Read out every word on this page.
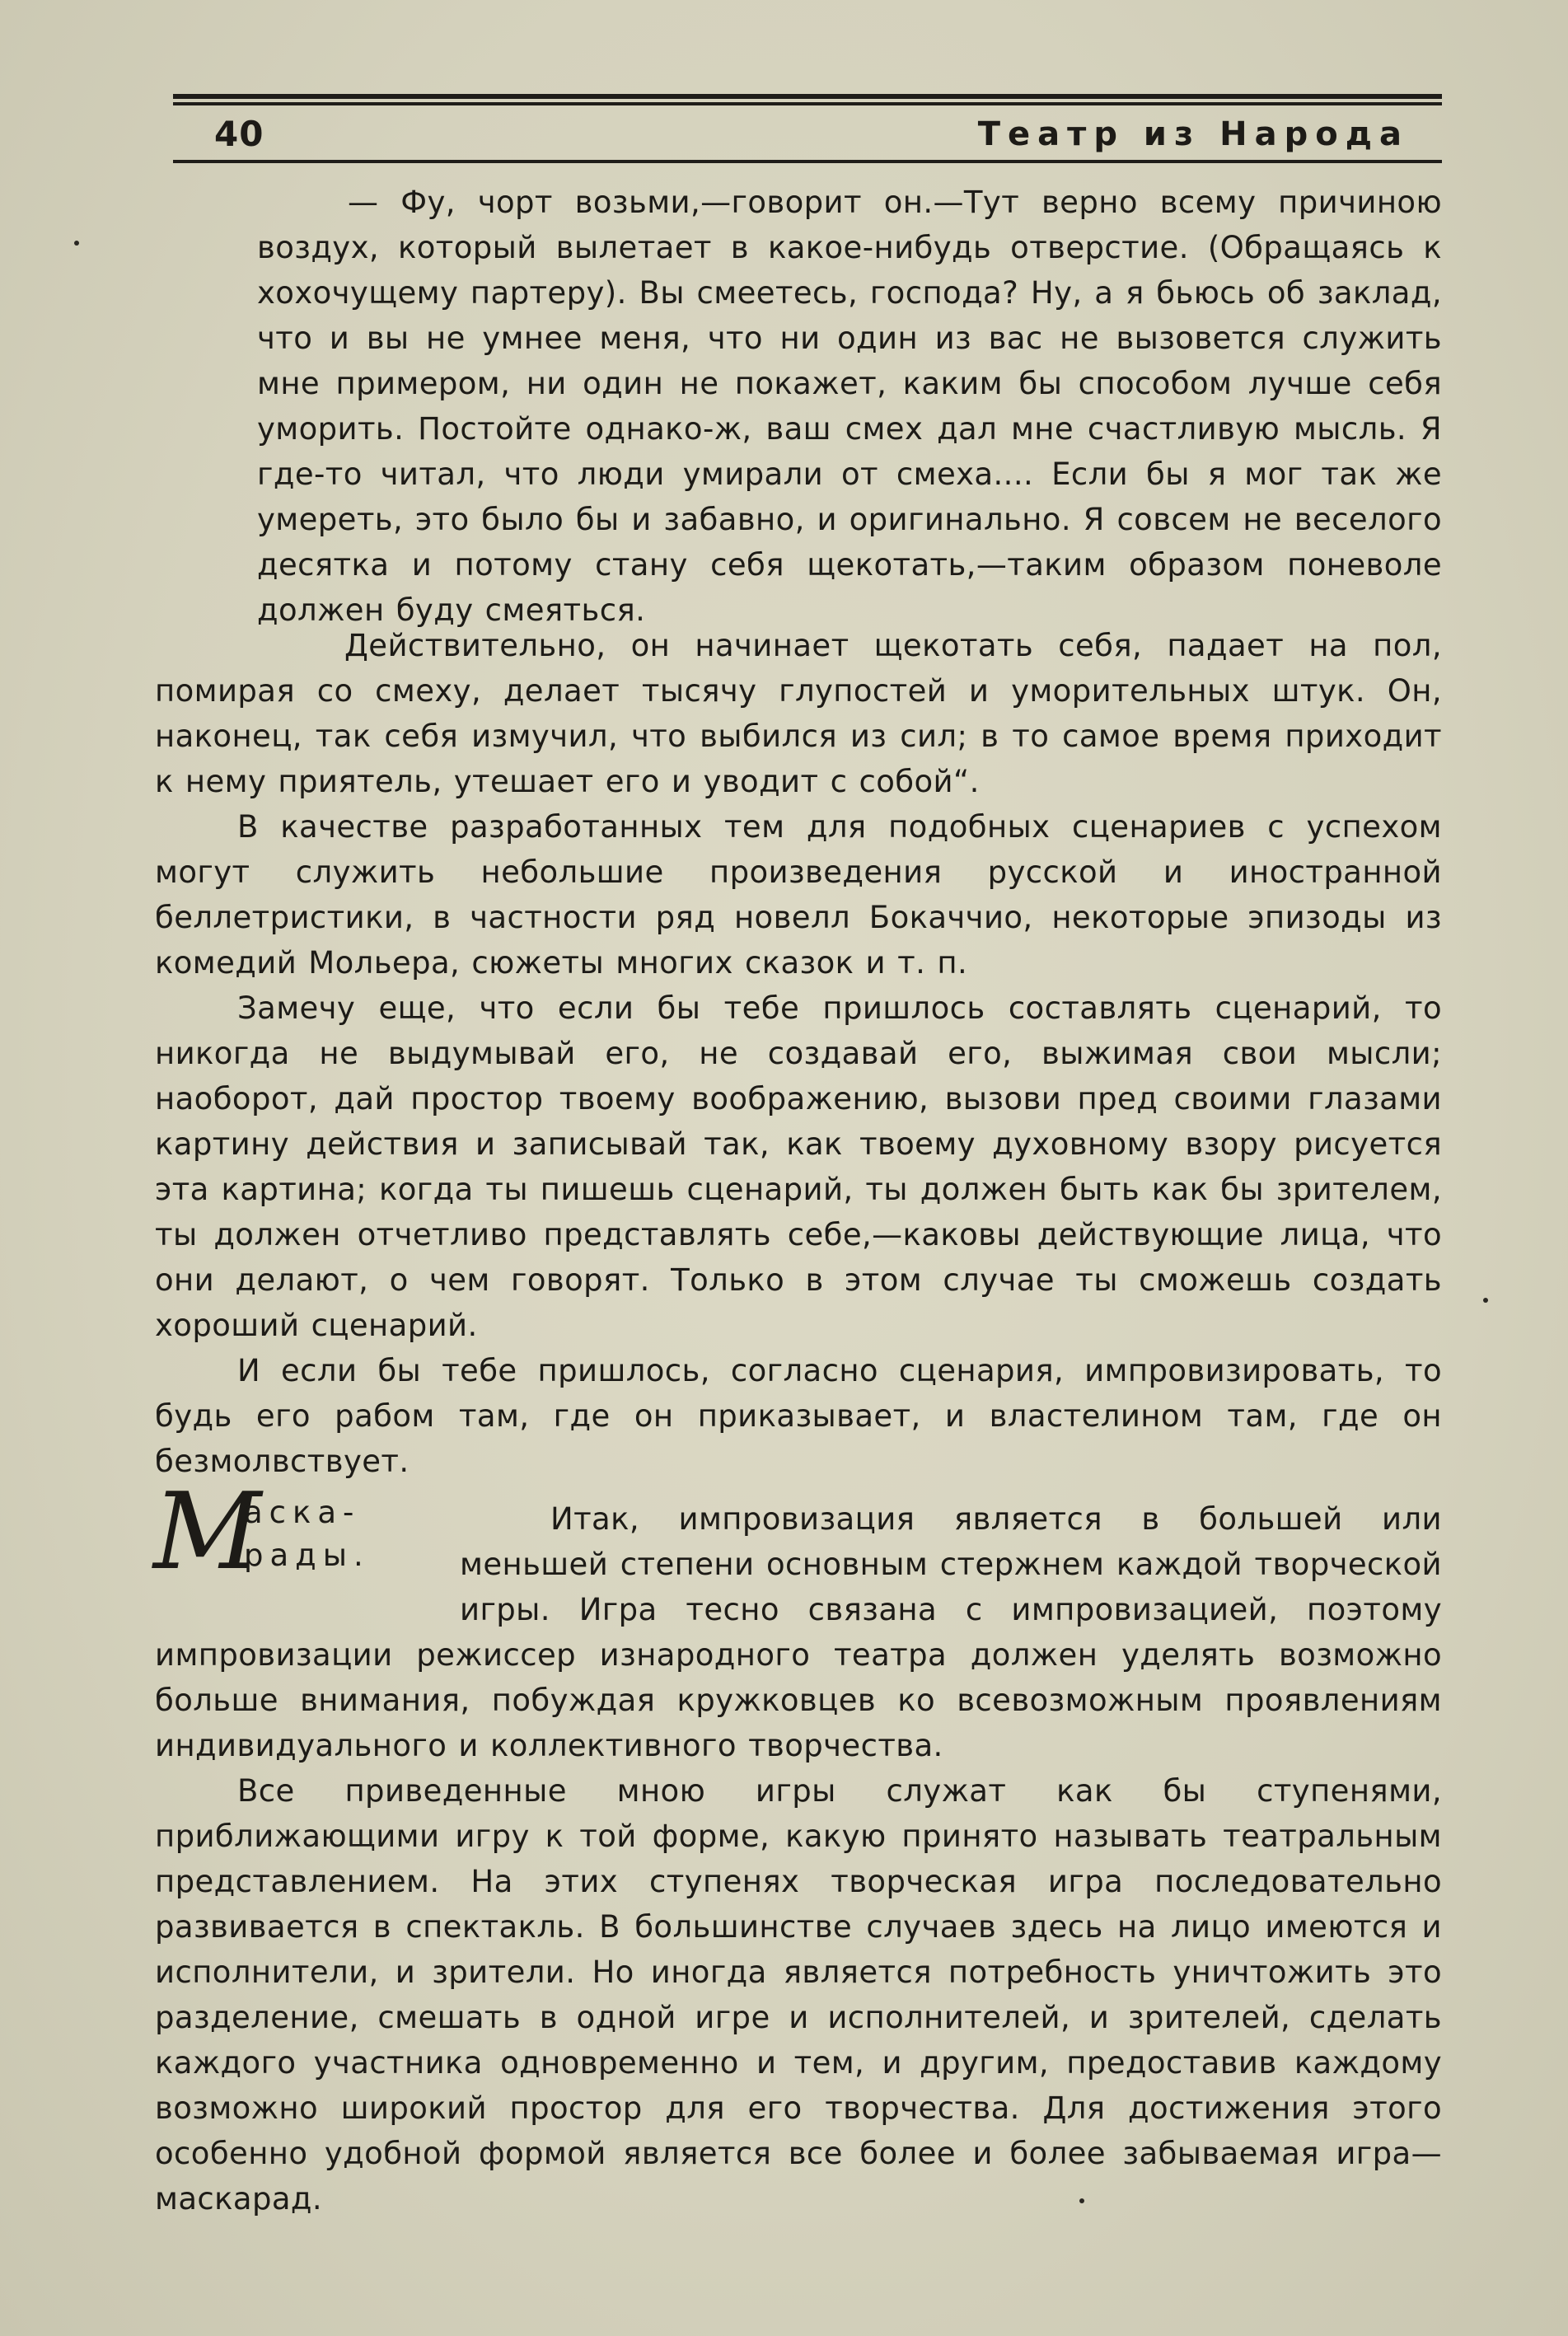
40	Театр из Народа

— Фу, чорт возьми,—говорит он.—Тут верно всему причиною воздух, который вылетает в какое-нибудь отверстие. (Обращаясь к хохочущему партеру). Вы смеетесь, господа? Ну, а я бьюсь об заклад, что и вы не умнее меня, что ни один из вас не вызовется служить мне примером, ни один не покажет, каким бы способом лучше себя уморить. Постойте однако-ж, ваш смех дал мне счастливую мысль. Я где-то читал, что люди умирали от смеха.... Если бы я мог так же умереть, это было бы и забавно, и оригинально. Я совсем не веселого десятка и потому стану себя щекотать,—таким образом поневоле должен буду смеяться.

Действительно, он начинает щекотать себя, падает на пол, помирая со смеху, делает тысячу глупостей и уморительных штук. Он, наконец, так себя измучил, что выбился из сил; в то самое время приходит к нему приятель, утешает его и уводит с собой“.

В качестве разработанных тем для подобных сценариев с успехом могут служить небольшие произведения русской и иностранной беллетристики, в частности ряд новелл Бокаччио, некоторые эпизоды из комедий Мольера, сюжеты многих сказок и т. п.

Замечу еще, что если бы тебе пришлось составлять сценарий, то никогда не выдумывай его, не создавай его, выжимая свои мысли; наоборот, дай простор твоему воображению, вызови пред своими глазами картину действия и записывай так, как твоему духовному взору рисуется эта картина; когда ты пишешь сценарий, ты должен быть как бы зрителем, ты должен отчетливо представлять себе,—каковы действующие лица, что они делают, о чем говорят. Только в этом случае ты сможешь создать хороший сценарий.

И если бы тебе пришлось, согласно сценария, импровизировать, то будь его рабом там, где он приказывает, и властелином там, где он безмолвствует.

М
аска-
рады.

Итак, импровизация является в большей или меньшей степени основным стержнем каждой творческой игры. Игра тесно связана с импровизацией, поэтому импровизации режиссер изнародного театра должен уделять возможно больше внимания, побуждая кружковцев ко всевозможным проявлениям индивидуального и коллективного творчества.

Все приведенные мною игры служат как бы ступенями, приближающими игру к той форме, какую принято называть театральным представлением. На этих ступенях творческая игра последовательно развивается в спектакль. В большинстве случаев здесь на лицо имеются и исполнители, и зрители. Но иногда является потребность уничтожить это разделение, смешать в одной игре и исполнителей, и зрителей, сделать каждого участника одновременно и тем, и другим, предоставив каждому возможно широкий простор для его творчества. Для достижения этого особенно удобной формой является все более и более забываемая игра—маскарад.
